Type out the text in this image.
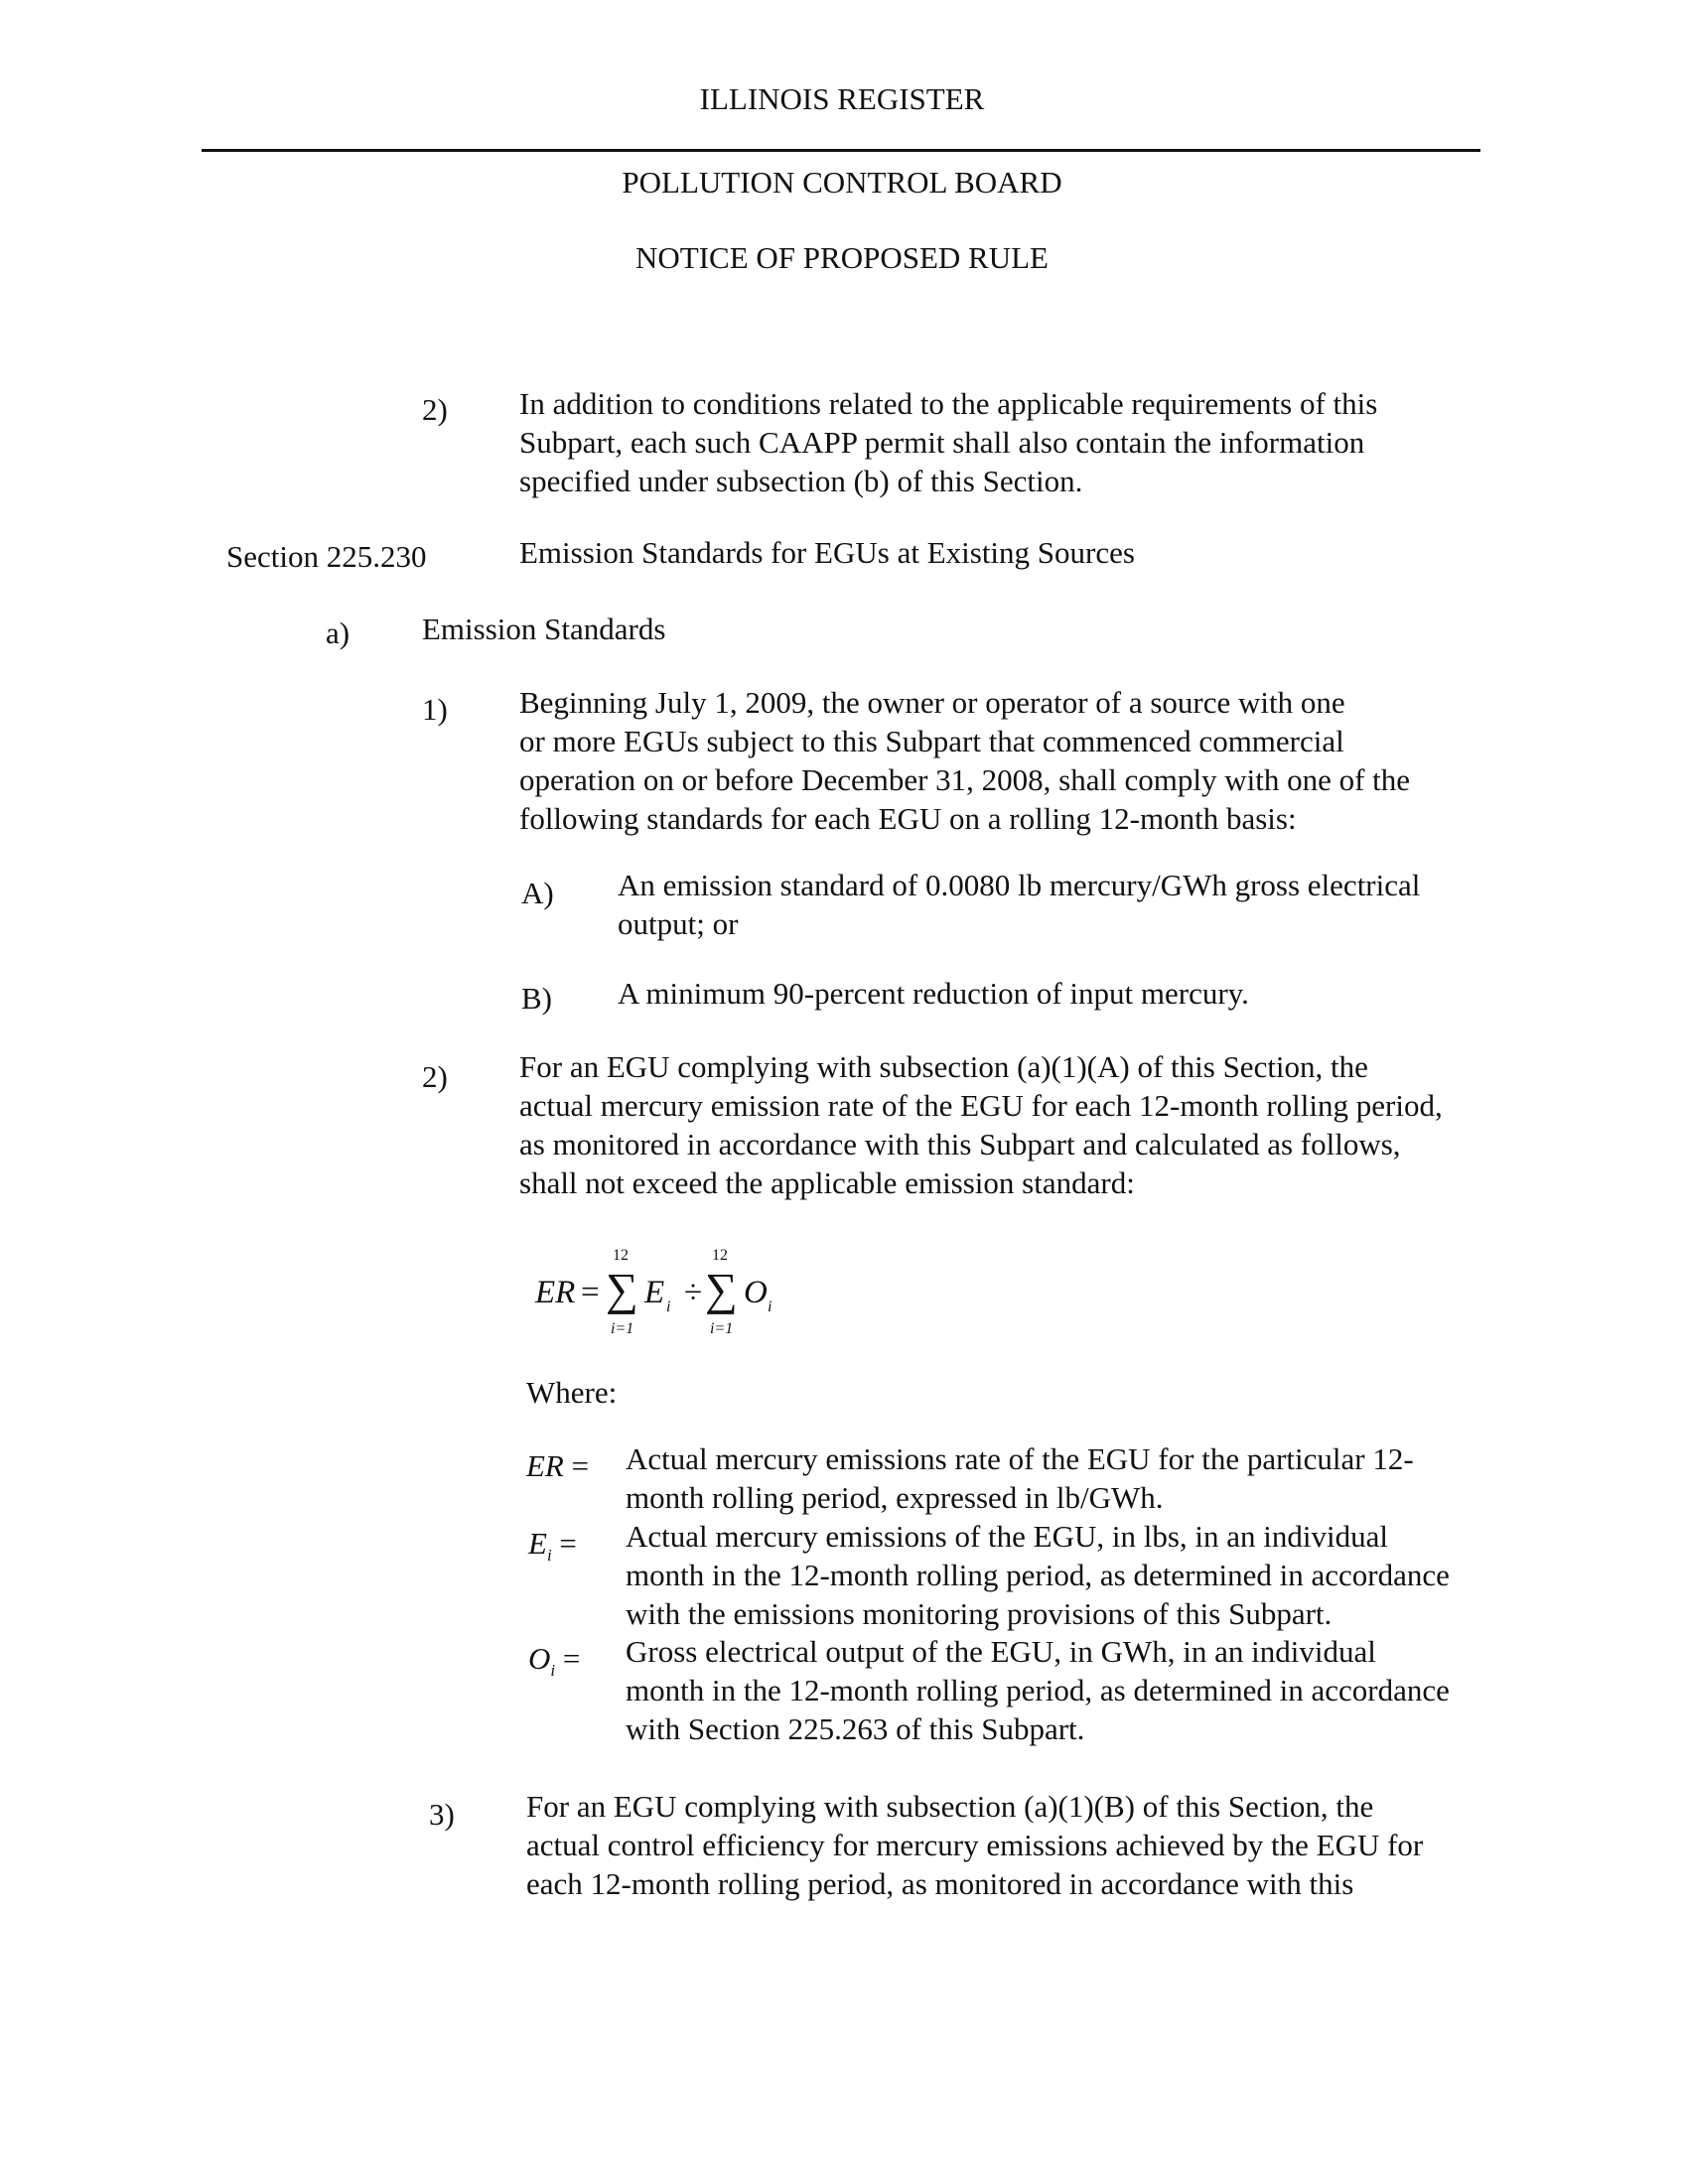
ILLINOIS REGISTER
POLLUTION CONTROL BOARD
NOTICE OF PROPOSED RULE
2) In addition to conditions related to the applicable requirements of this
Subpart, each such CAAPP permit shall also contain the information
specified under subsection (b) of this Section.
Section 225.230	Emission Standards for EGUs at Existing Sources
a) Emission Standards
1) Beginning July 1, 2009, the owner or operator of a source with one
or more EGUs subject to this Subpart that commenced commercial
operation on or before December 31, 2008, shall comply with one of the
following standards for each EGU on a rolling 12-month basis:
A) An emission standard of 0.0080 lb mercury/GWh gross electrical
output; or
B) A minimum 90-percent reduction of input mercury.
2) For an EGU complying with subsection (a)(1)(A) of this Section, the
actual mercury emission rate of the EGU for each 12-month rolling period,
as monitored in accordance with this Subpart and calculated as follows,
shall not exceed the applicable emission standard:
ER =
12
∑
i=1
E i ÷
12
∑
i=1
O i
Where:
ER = Actual mercury emissions rate of the EGU for the particular 12-
month rolling period, expressed in lb/GWh.
$E_i$ = Actual mercury emissions of the EGU, in lbs, in an individual
month in the 12-month rolling period, as determined in accordance
with the emissions monitoring provisions of this Subpart.
$O_i$ = Gross electrical output of the EGU, in GWh, in an individual
month in the 12-month rolling period, as determined in accordance
with Section 225.263 of this Subpart.
3) For an EGU complying with subsection (a)(1)(B) of this Section, the
actual control efficiency for mercury emissions achieved by the EGU for
each 12-month rolling period, as monitored in accordance with this
